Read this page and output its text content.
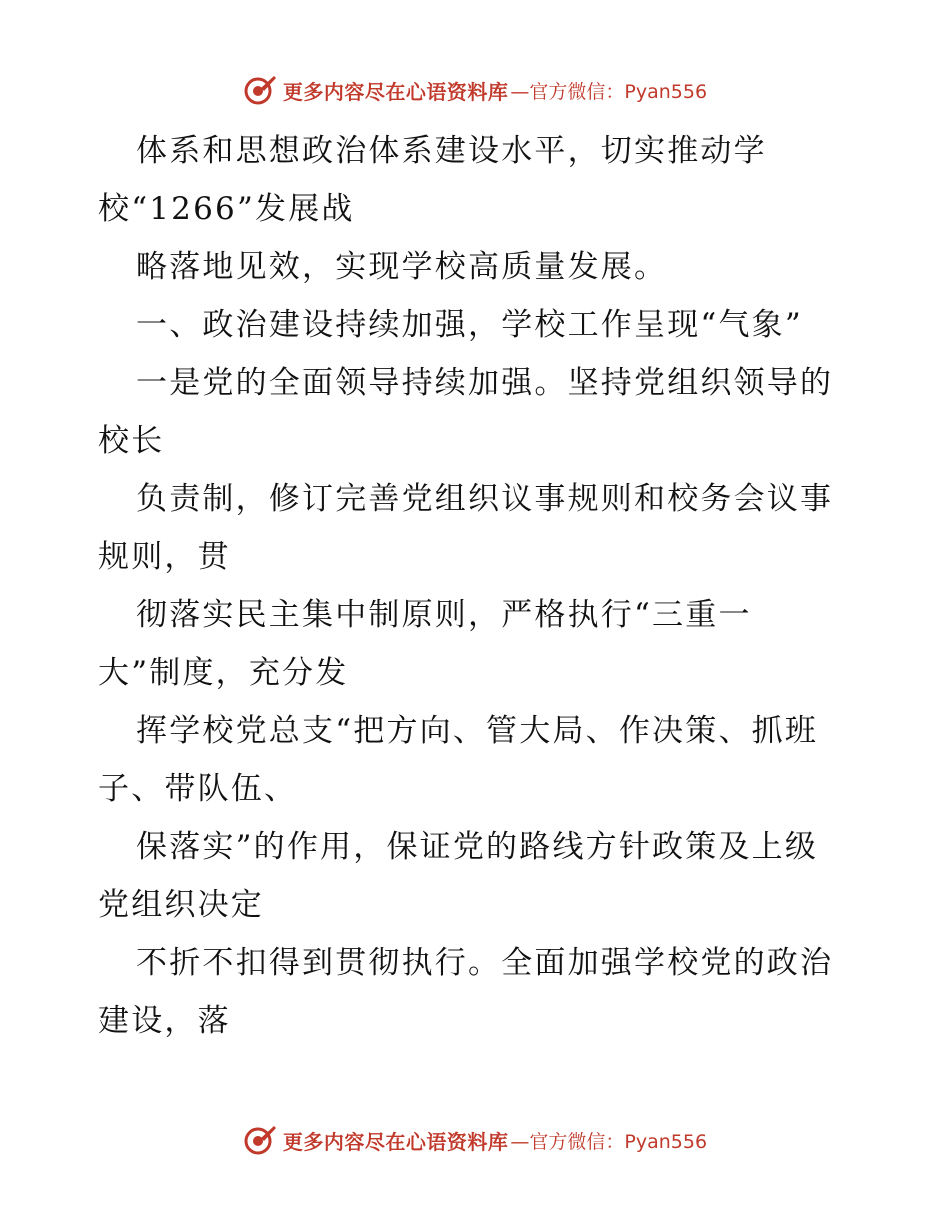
更多内容尽在心语资料库 —官方微信：Pyan556
体系和思想政治体系建设水平，切实推动学
校“1266”发展战
略落地见效，实现学校高质量发展。
一、政治建设持续加强，学校工作呈现“气象”
一是党的全面领导持续加强。坚持党组织领导的
校长
负责制，修订完善党组织议事规则和校务会议事
规则，贯
彻落实民主集中制原则，严格执行“三重一
大”制度，充分发
挥学校党总支“把方向、管大局、作决策、抓班
子、带队伍、
保落实”的作用，保证党的路线方针政策及上级
党组织决定
不折不扣得到贯彻执行。全面加强学校党的政治
建设，落
更多内容尽在心语资料库 —官方微信：Pyan556
